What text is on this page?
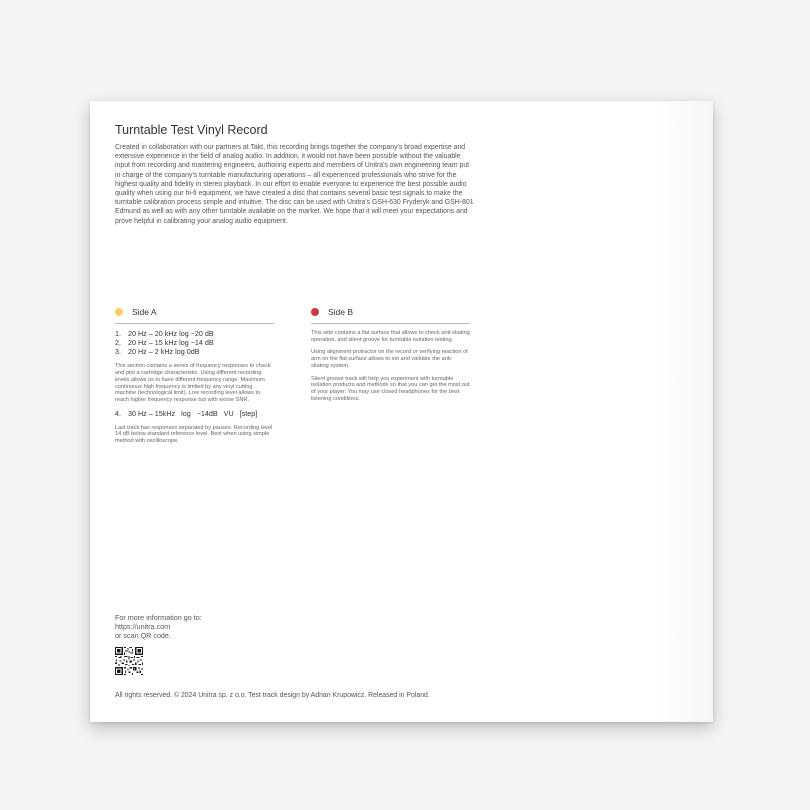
Turntable Test Vinyl Record

Created in collaboration with our partners at Takt, this recording brings together the company's broad expertise and extensive experience in the field of analog audio. In addition, it would not have been possible without the valuable input from recording and mastering engineers, authoring experts and members of Unitra's own engineering team put in charge of the company's turntable manufacturing operations – all experienced professionals who strive for the highest quality and fidelity in stereo playback. In our effort to enable everyone to experience the best possible audio quality when using our hi-fi equipment, we have created a disc that contains several basic test signals to make the turntable calibration process simple and intuitive. The disc can be used with Unitra's GSH-630 Fryderyk and GSH-801 Edmund as well as with any other turntable available on the market. We hope that it will meet your expectations and prove helpful in calibrating your analog audio equipment.

Side A
1. 20 Hz – 20 kHz log −20 dB
2. 20 Hz – 15 kHz log −14 dB
3. 20 Hz – 2 kHz log 0dB

This section contains a series of frequency responses to check and plot a cartridge characteristic. Using different recording levels allows us to have different frequency range. Maximum continuous high frequency is limited by any vinyl cutting machine (technological limit). Low recording level allows to reach higher frequency response but with worse SNR.

4. 30 Hz – 15kHz   log   −14dB   VU   [step]

Last track has responses separated by pauses. Recording level 14 dB below standard reference level. Best when using simple method with oscilloscope.

Side B

This side contains a flat surface that allows to check anti-skating operation, and silent groove for turntable isolation testing.

Using alignment protractor on the record or verifying reaction of arm on the flat surface allows to set and validate the anti-skating system.

Silent groove track will help you experiment with turntable isolation products and methods so that you can get the most out of your player. You may use closed headphones for the best listening conditions.

For more information go to:
https://unitra.com
or scan QR code.

All rights reserved. © 2024 Unitra sp. z o.o. Test track design by Adrian Krupowicz. Released in Poland.
